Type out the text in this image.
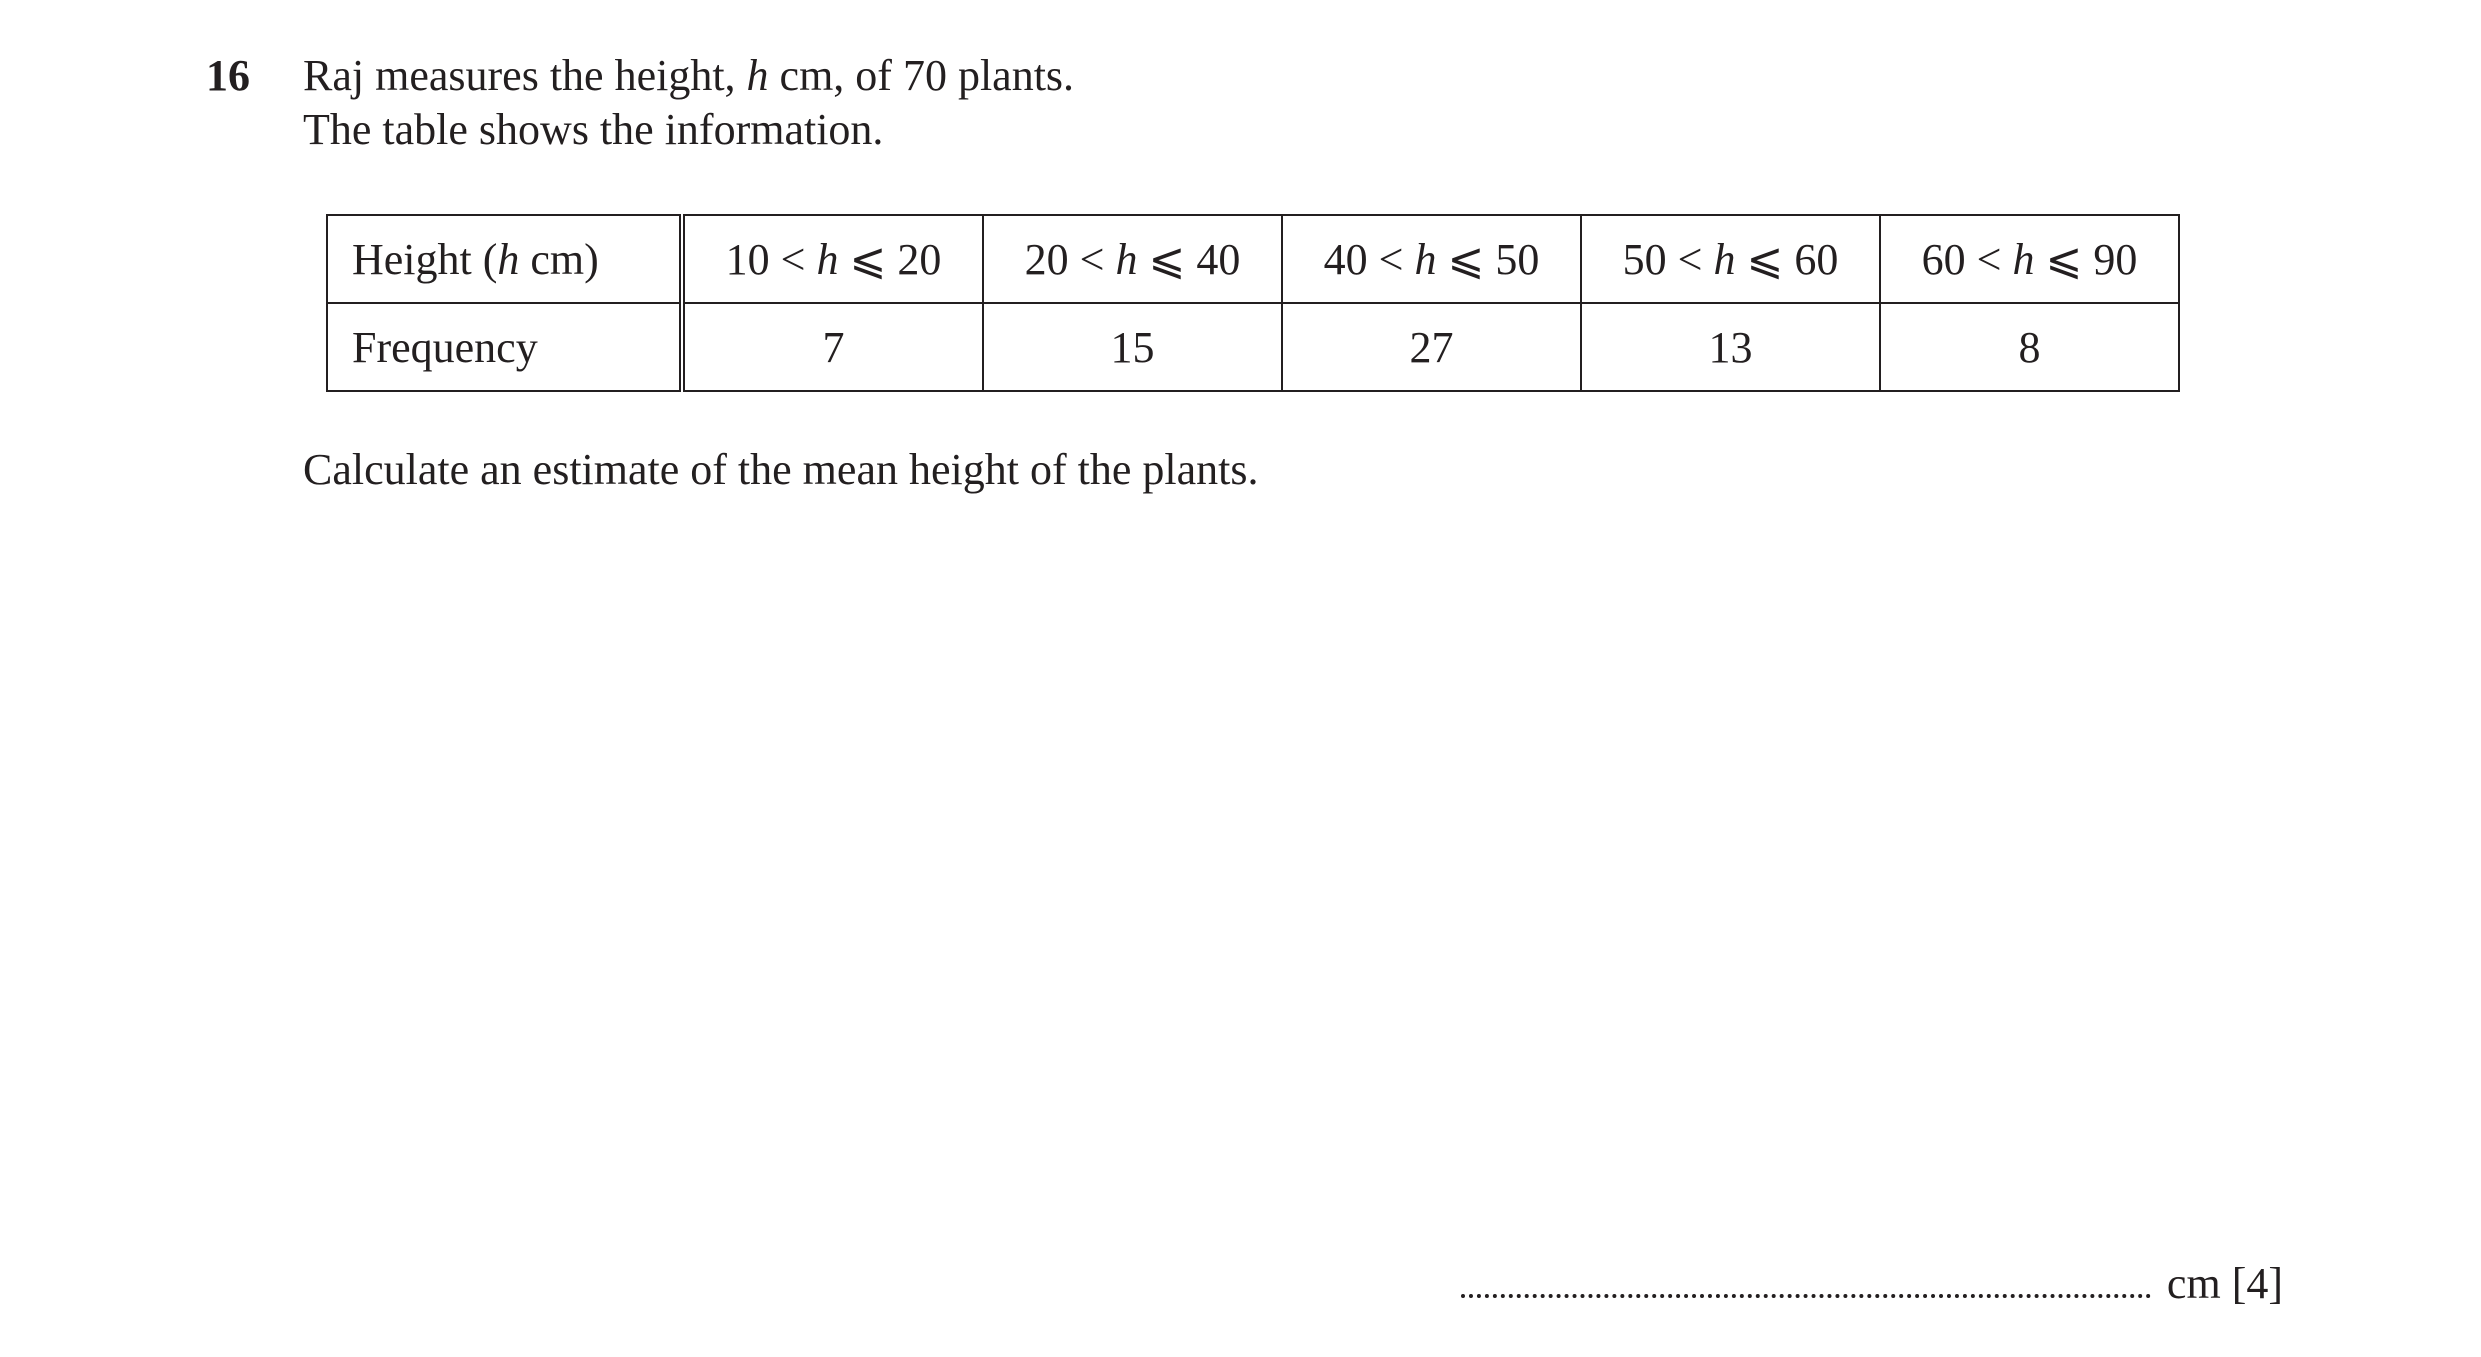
16 Raj measures the height, h cm, of 70 plants.
The table shows the information.
Height (h cm)	10 < h ⩽ 20	20 < h ⩽ 40	40 < h ⩽ 50	50 < h ⩽ 60	60 < h ⩽ 90
Frequency	7	15	27	13	8
Calculate an estimate of the mean height of the plants.
cm
[4]
